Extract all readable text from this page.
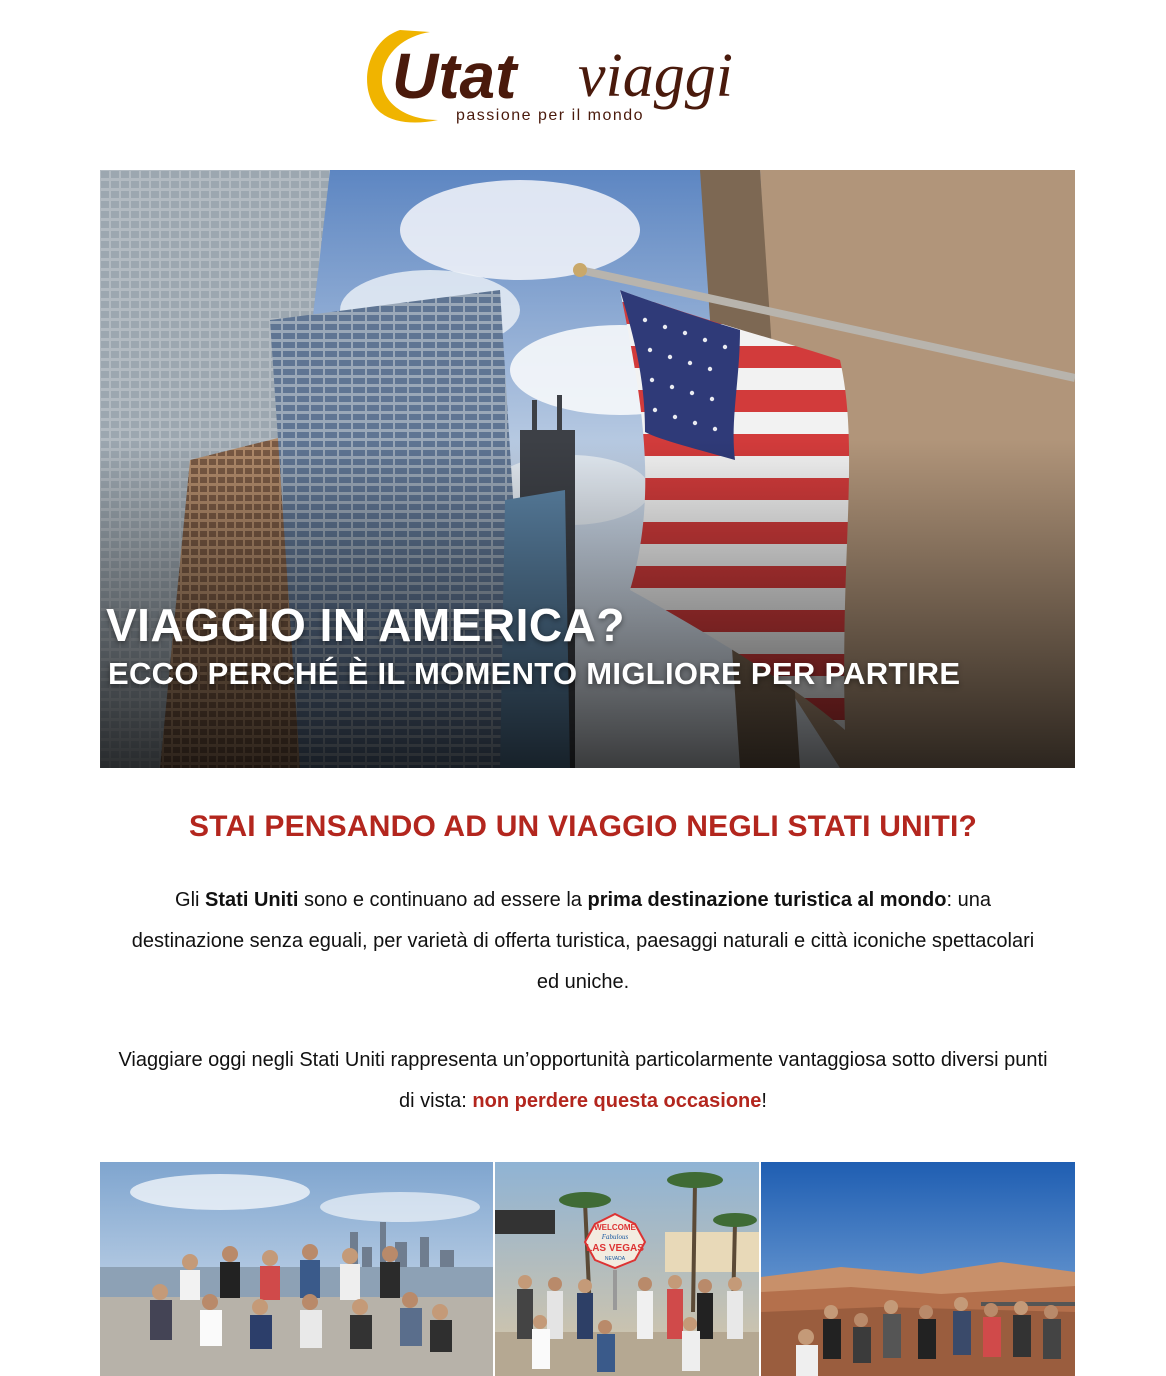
Utat viaggi
passione per il mondo
VIAGGIO IN AMERICA?
ECCO PERCHÉ È IL MOMENTO MIGLIORE PER PARTIRE
STAI PENSANDO AD UN VIAGGIO NEGLI STATI UNITI?

Gli Stati Uniti sono e continuano ad essere la prima destinazione turistica al mondo: una destinazione senza eguali, per varietà di offerta turistica, paesaggi naturali e città iconiche spettacolari ed uniche.

Viaggiare oggi negli Stati Uniti rappresenta un’opportunità particolarmente vantaggiosa sotto diversi punti di vista: non perdere questa occasione!

WELCOME
Fabulous
LAS VEGAS
NEVADA
